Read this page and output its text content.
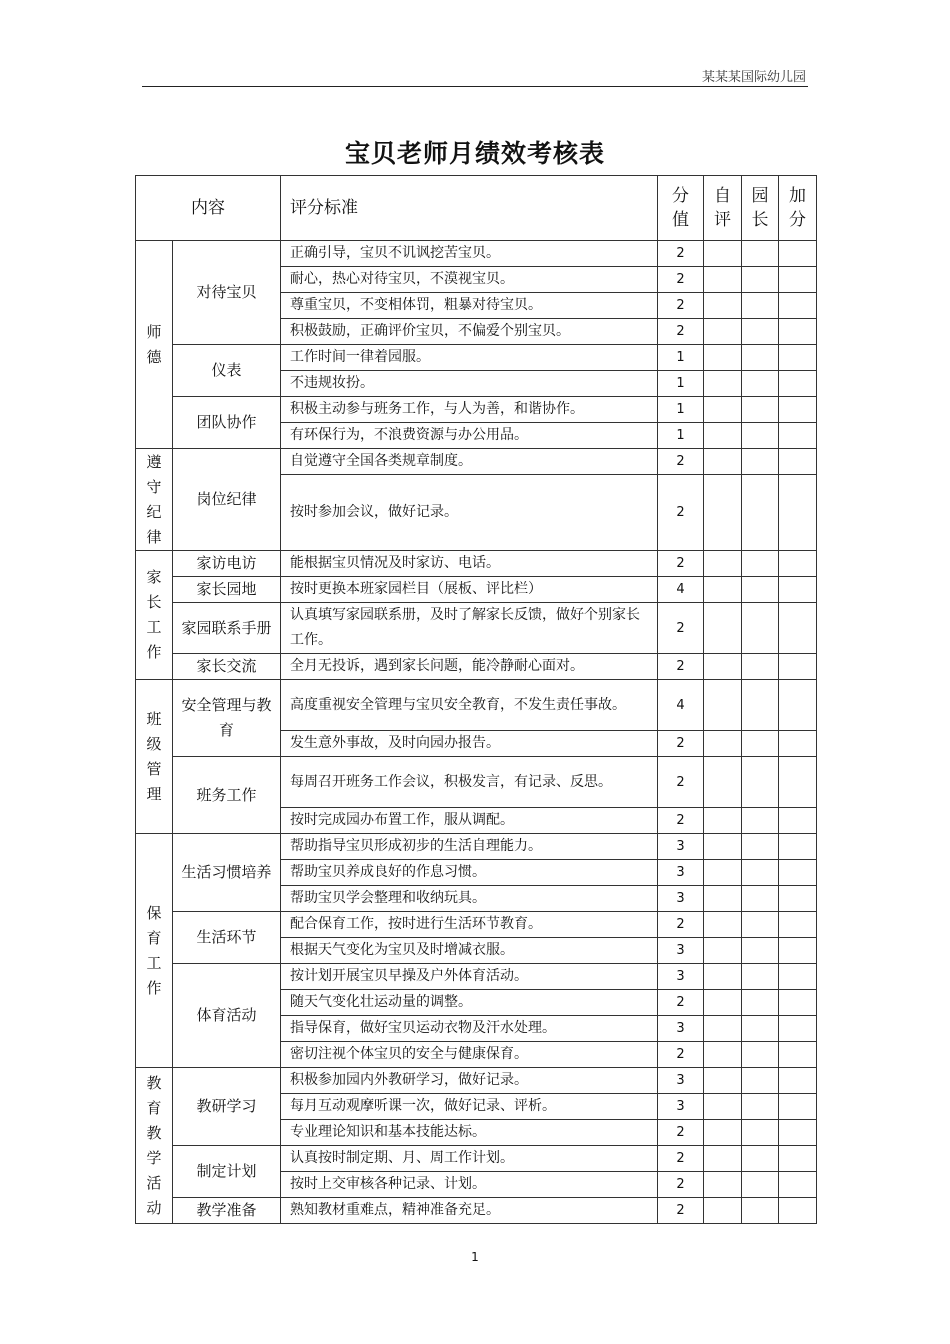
某某某国际幼儿园
宝贝老师月绩效考核表
内容		评分标准	分值	自评	园长	加分

师德	对待宝贝	正确引导，宝贝不讥讽挖苦宝贝。	2			
		耐心，热心对待宝贝，不漠视宝贝。	2			
		尊重宝贝，不变相体罚，粗暴对待宝贝。	2			
		积极鼓励，正确评价宝贝，不偏爱个别宝贝。	2			
	仪表	工作时间一律着园服。	1			
		不违规妆扮。	1			
	团队协作	积极主动参与班务工作，与人为善，和谐协作。	1			
		有环保行为，不浪费资源与办公用品。	1			

遵守纪律	岗位纪律	自觉遵守全国各类规章制度。	2			
		按时参加会议，做好记录。	2			

家长工作	家访电访	能根据宝贝情况及时家访、电话。	2			
	家长园地	按时更换本班家园栏目（展板、评比栏）	4			
	家园联系手册	认真填写家园联系册，及时了解家长反馈，做好个别家长工作。	2			
	家长交流	全月无投诉，遇到家长问题，能冷静耐心面对。	2			

班级管理	安全管理与教育	高度重视安全管理与宝贝安全教育，不发生责任事故。	4			
		发生意外事故，及时向园办报告。	2			
	班务工作	每周召开班务工作会议，积极发言，有记录、反思。	2			
		按时完成园办布置工作，服从调配。	2			

保育工作	生活习惯培养	帮助指导宝贝形成初步的生活自理能力。	3			
		帮助宝贝养成良好的作息习惯。	3			
		帮助宝贝学会整理和收纳玩具。	3			
	生活环节	配合保育工作，按时进行生活环节教育。	2			
		根据天气变化为宝贝及时增减衣服。	3			
	体育活动	按计划开展宝贝早操及户外体育活动。	3			
		随天气变化壮运动量的调整。	2			
		指导保育，做好宝贝运动衣物及汗水处理。	3			
		密切注视个体宝贝的安全与健康保育。	2			

教育教学活动	教研学习	积极参加园内外教研学习，做好记录。	3			
		每月互动观摩听课一次，做好记录、评析。	3			
		专业理论知识和基本技能达标。	2			
	制定计划	认真按时制定期、月、周工作计划。	2			
		按时上交审核各种记录、计划。	2			
	教学准备	熟知教材重难点，精神准备充足。	2			
1
